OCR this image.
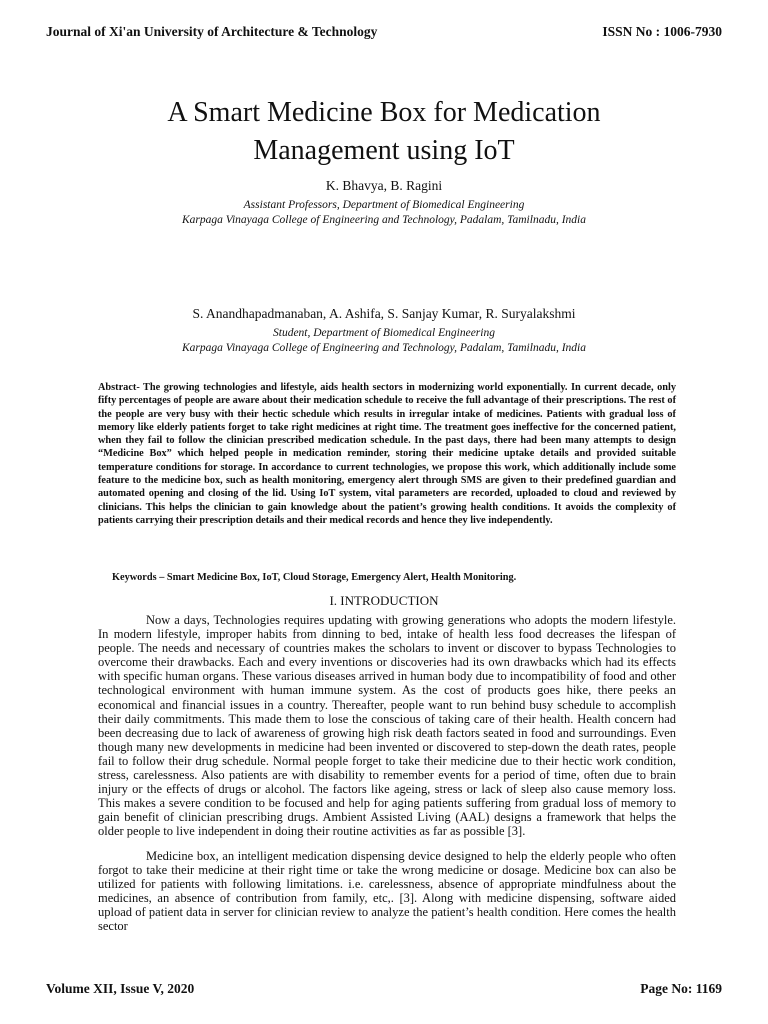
Journal of Xi'an University of Architecture & Technology	ISSN No : 1006-7930
A Smart Medicine Box for Medication
Management using IoT
K. Bhavya, B. Ragini
Assistant Professors, Department of Biomedical Engineering
Karpaga Vinayaga College of Engineering and Technology, Padalam, Tamilnadu, India
S. Anandhapadmanaban, A. Ashifa, S. Sanjay Kumar, R. Suryalakshmi
Student, Department of Biomedical Engineering
Karpaga Vinayaga College of Engineering and Technology, Padalam, Tamilnadu, India
Abstract- The growing technologies and lifestyle, aids health sectors in modernizing world exponentially. In current decade, only fifty percentages of people are aware about their medication schedule to receive the full advantage of their prescriptions. The rest of the people are very busy with their hectic schedule which results in irregular intake of medicines. Patients with gradual loss of memory like elderly patients forget to take right medicines at right time. The treatment goes ineffective for the concerned patient, when they fail to follow the clinician prescribed medication schedule. In the past days, there had been many attempts to design “Medicine Box” which helped people in medication reminder, storing their medicine uptake details and provided suitable temperature conditions for storage. In accordance to current technologies, we propose this work, which additionally include some feature to the medicine box, such as health monitoring, emergency alert through SMS are given to their predefined guardian and automated opening and closing of the lid. Using IoT system, vital parameters are recorded, uploaded to cloud and reviewed by clinicians. This helps the clinician to gain knowledge about the patient’s growing health conditions. It avoids the complexity of patients carrying their prescription details and their medical records and hence they live independently.
Keywords – Smart Medicine Box, IoT, Cloud Storage, Emergency Alert, Health Monitoring.
I. INTRODUCTION

Now a days, Technologies requires updating with growing generations who adopts the modern lifestyle. In modern lifestyle, improper habits from dinning to bed, intake of health less food decreases the lifespan of people. The needs and necessary of countries makes the scholars to invent or discover to bypass Technologies to overcome their drawbacks. Each and every inventions or discoveries had its own drawbacks which had its effects with specific human organs. These various diseases arrived in human body due to incompatibility of food and other technological environment with human immune system. As the cost of products goes hike, there peeks an economical and financial issues in a country. Thereafter, people want to run behind busy schedule to accomplish their daily commitments. This made them to lose the conscious of taking care of their health. Health concern had been decreasing due to lack of awareness of growing high risk death factors seated in food and surroundings. Even though many new developments in medicine had been invented or discovered to step-down the death rates, people fail to follow their drug schedule. Normal people forget to take their medicine due to their hectic work condition, stress, carelessness. Also patients are with disability to remember events for a period of time, often due to brain injury or the effects of drugs or alcohol. The factors like ageing, stress or lack of sleep also cause memory loss. This makes a severe condition to be focused and help for aging patients suffering from gradual loss of memory to gain benefit of clinician prescribing drugs. Ambient Assisted Living (AAL) designs a framework that helps the older people to live independent in doing their routine activities as far as possible [3].

Medicine box, an intelligent medication dispensing device designed to help the elderly people who often forgot to take their medicine at their right time or take the wrong medicine or dosage. Medicine box can also be utilized for patients with following limitations. i.e. carelessness, absence of appropriate mindfulness about the medicines, an absence of contribution from family, etc,. [3]. Along with medicine dispensing, software aided upload of patient data in server for clinician review to analyze the patient’s health condition. Here comes the health sector

Volume XII, Issue V, 2020	Page No: 1169
